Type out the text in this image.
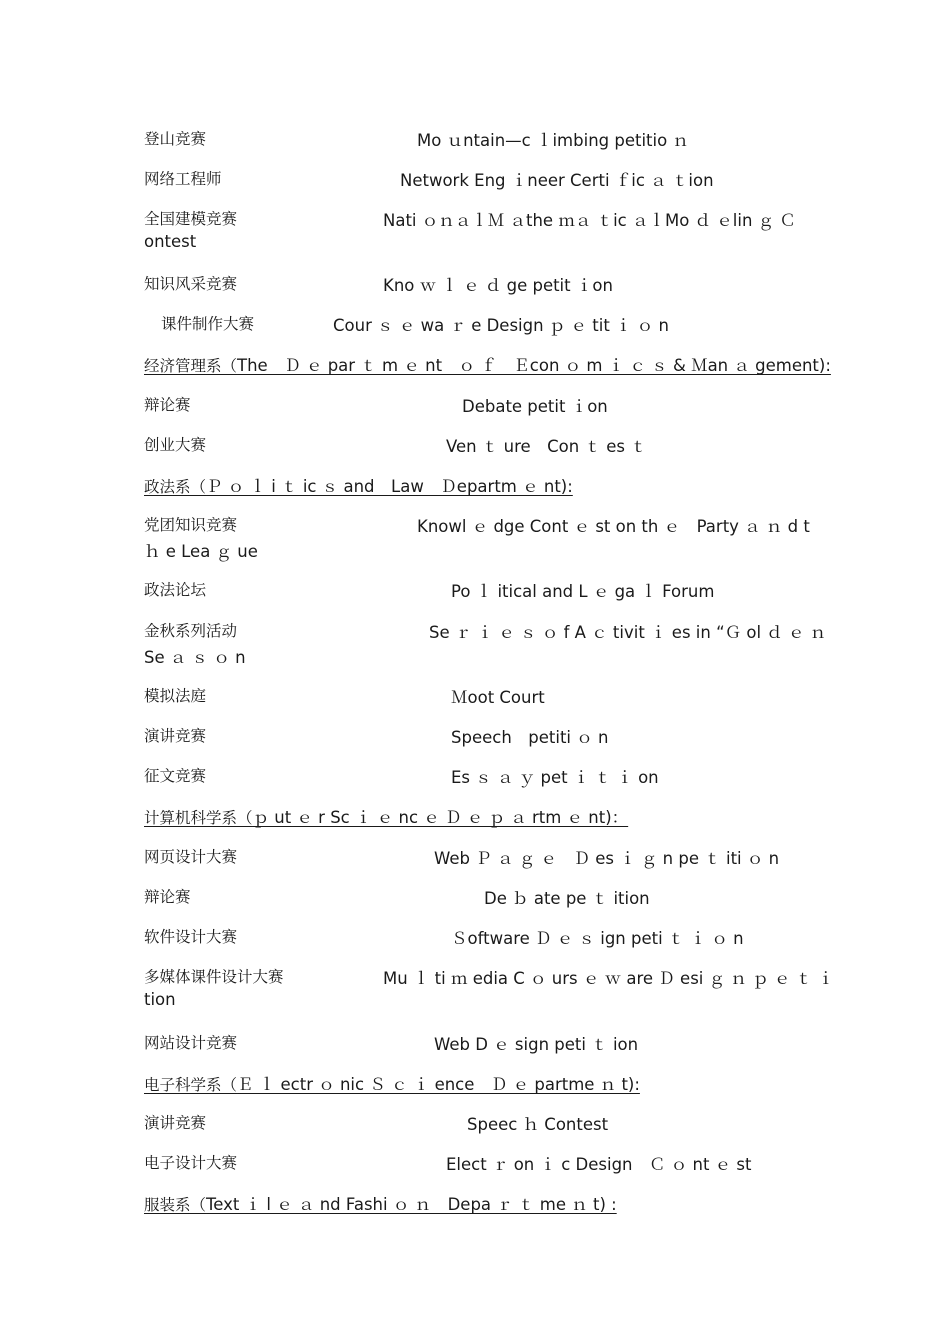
登山竞赛	Mo ｕntain—c ｌimbing petitio ｎ
网络工程师	Network Eng ｉneer Certi ｆic ａ ｔion
全国建模竞赛	Nati ｏｎａｌＭ ａthe ｍａ ｔic ａｌMo ｄ ｅlin ｇ Ｃ
ontest
知识风采竞赛	Kno ｗ ｌ ｅ ｄ ge petit ｉon
课件制作大赛	Cour ｓ ｅ wa ｒ e Design ｐ ｅ tit ｉ ｏ n
经济管理系（The　Ｄ ｅ par ｔ m ｅ nt　ｏ ｆ　Ｅcon ｏ m ｉ ｃ ｓ & Ｍan ａ gement):
辩论赛	Debate petit ｉon
创业大赛	Ven ｔ ure　Con ｔ es ｔ
政法系（Ｐ ｏ ｌ i ｔ ic ｓ and　Law　Ｄepartm ｅ nt):
党团知识竞赛	Knowl ｅ dge Cont ｅ st on th ｅ　Party ａ ｎ d t
ｈ e Lea ｇ ue
政法论坛	Po ｌ itical and L ｅ ga ｌ Forum
金秋系列活动	Se ｒ ｉ ｅ ｓ ｏ f A ｃ tivit ｉ es in “Ｇ ol ｄ ｅ ｎ
Se ａ ｓ ｏ n
模拟法庭	Ｍoot Court
演讲竞赛	Speech　petiti ｏ n
征文竞赛	Es ｓ ａ ｙ pet ｉ ｔ ｉ on
计算机科学系（ｐ ut ｅ r Sc ｉ ｅ nc ｅ Ｄ ｅ ｐ ａ rtm ｅ nt)：
网页设计大赛	Web Ｐ ａ ｇ ｅ　Ｄ es ｉ ｇ n pe ｔ iti ｏ n
辩论赛	De ｂ ate pe ｔ ition
软件设计大赛	Ｓoftware Ｄ ｅ ｓ ign peti ｔ ｉ ｏ n
多媒体课件设计大赛	Mu ｌ ti ｍ edia C ｏ urs ｅ ｗ are Ｄ esi ｇ ｎ ｐ ｅ ｔ ｉ
tion
网站设计竞赛	Web D ｅ sign peti ｔ ion
电子科学系（Ｅ ｌ ectr ｏ nic Ｓ ｃ ｉ ence　Ｄ ｅ partme ｎ t):
演讲竞赛	Speec ｈ Contest
电子设计大赛	Elect ｒ on ｉ c Design　Ｃ ｏ nt ｅ st
服装系（Text ｉ l ｅ ａ nd Fashi ｏ ｎ　Depa ｒ ｔ me ｎ t) :
